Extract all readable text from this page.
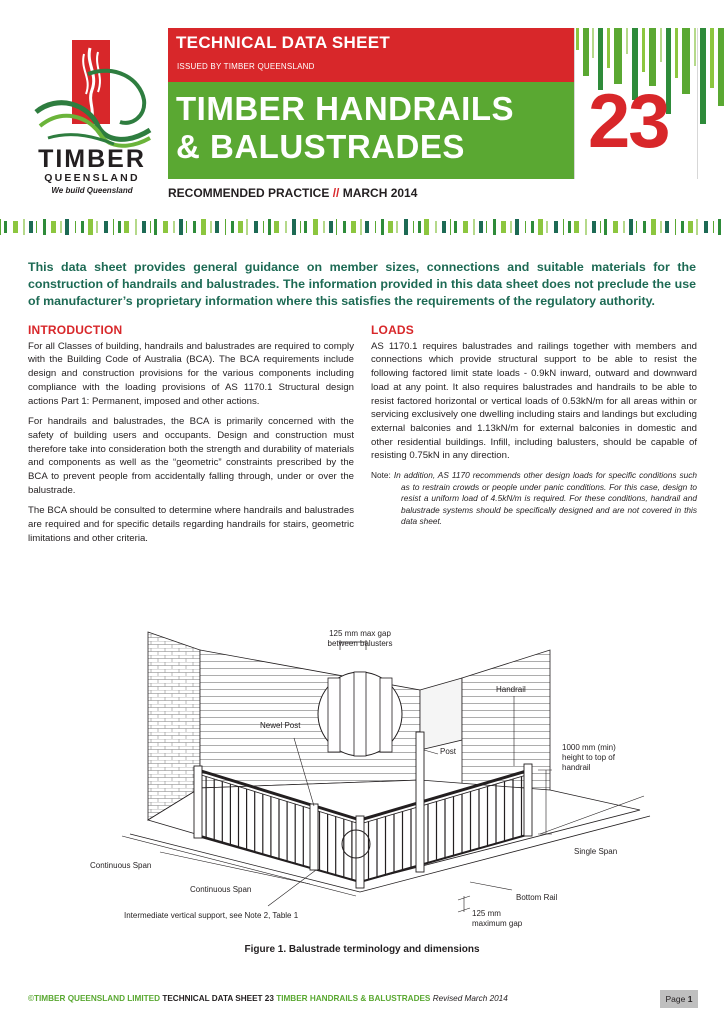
TIMBER
QUEENSLAND
We build Queensland
TECHNICAL DATA SHEET
ISSUED BY TIMBER QUEENSLAND
TIMBER HANDRAILS
& BALUSTRADES	23
RECOMMENDED PRACTICE // MARCH 2014
This data sheet provides general guidance on member sizes, connections and suitable materials for the construction of handrails and balustrades. The information provided in this data sheet does not preclude the use of manufacturer’s proprietary information where this satisfies the requirements of the regulatory authority.
INTRODUCTION

For all Classes of building, handrails and balustrades are required to comply with the Building Code of Australia (BCA). The BCA requirements include design and construction provisions for the various components including compliance with the loading provisions of AS 1170.1 Structural design actions Part 1: Permanent, imposed and other actions.

For handrails and balustrades, the BCA is primarily concerned with the safety of building users and occupants. Design and construction must therefore take into consideration both the strength and durability of materials and components as well as the “geometric” constraints prescribed by the BCA to prevent people from accidentally falling through, under or over the balustrade.

The BCA should be consulted to determine where handrails and balustrades are required and for specific details regarding handrails for stairs, geometric limitations and other criteria.

LOADS

AS 1170.1 requires balustrades and railings together with members and connections which provide structural support to be able to resist the following factored limit state loads - 0.9kN inward, outward and downward load at any point. It also requires balustrades and handrails to be able to resist factored horizontal or vertical loads of 0.53kN/m for all areas within or servicing exclusively one dwelling including stairs and landings but excluding external balconies and 1.13kN/m for external balconies in domestic and other residential buildings. Infill, including balusters, should be capable of resisting 0.75kN in any direction.

Note: In addition, AS 1170 recommends other design loads for specific conditions such as to restrain crowds or people under panic conditions. For this case, design to resist a uniform load of 4.5kN/m is required. For these conditions, handrail and balustrade systems should be specifically designed and are not covered in this data sheet.
125 mm max gap
between balusters
Handrail
Newel Post
Post	1000 mm (min)
height to top of
handrail
Continuous Span
Continuous Span
Single Span
Bottom Rail
Intermediate vertical support, see Note 2, Table 1	125 mm
maximum gap
Figure 1. Balustrade terminology and dimensions
©TIMBER QUEENSLAND LIMITED TECHNICAL DATA SHEET 23 TIMBER HANDRAILS & BALUSTRADES Revised March 2014	Page 1
